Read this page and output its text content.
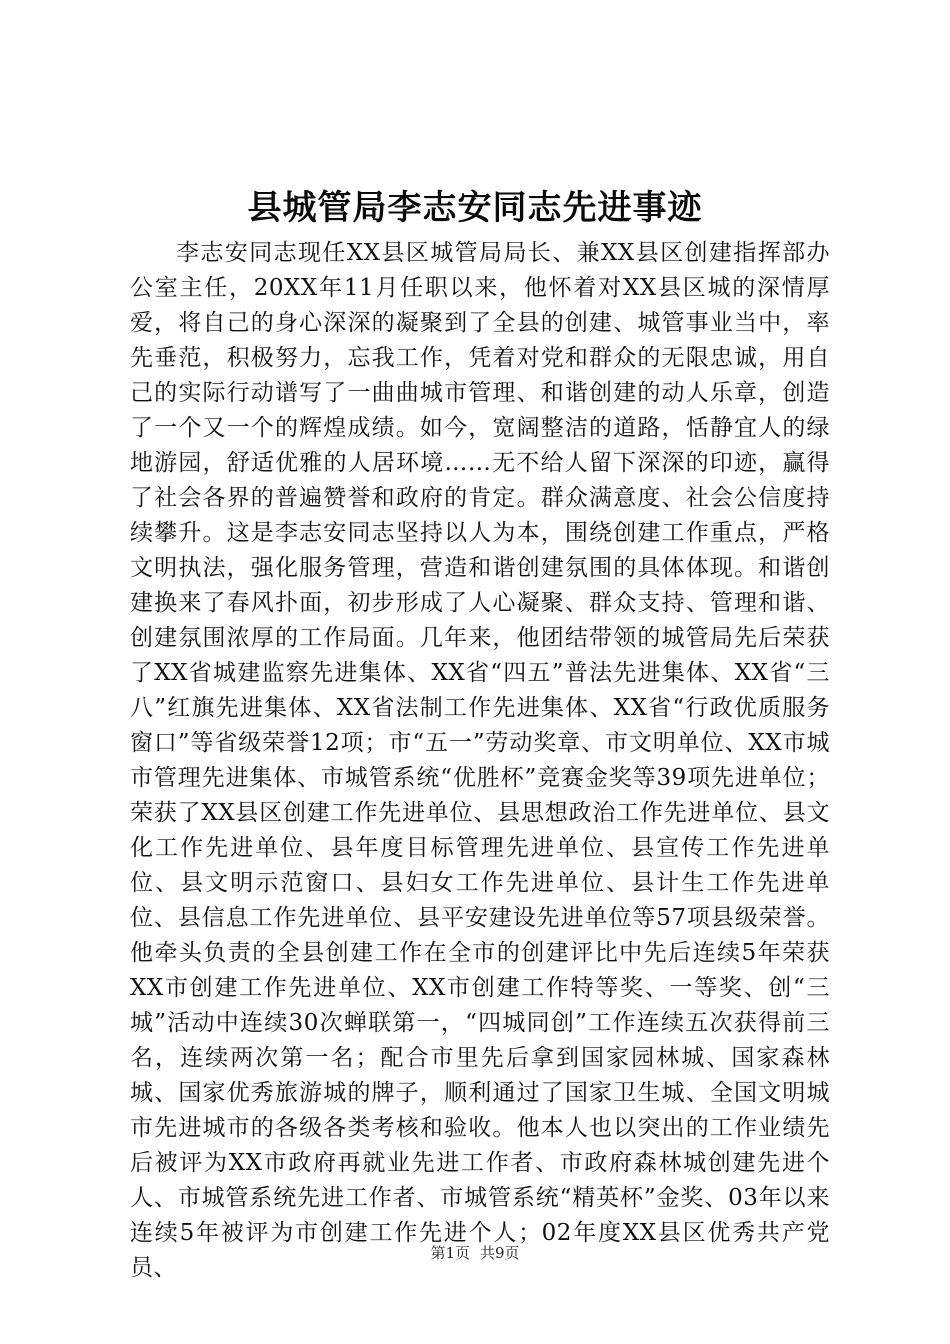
县城管局李志安同志先进事迹

李志安同志现任XX县区城管局局长、兼XX县区创建指挥部办公室主任，20XX年11月任职以来，他怀着对XX县区城的深情厚爱，将自己的身心深深的凝聚到了全县的创建、城管事业当中，率先垂范，积极努力，忘我工作，凭着对党和群众的无限忠诚，用自己的实际行动谱写了一曲曲城市管理、和谐创建的动人乐章，创造了一个又一个的辉煌成绩。如今，宽阔整洁的道路，恬静宜人的绿地游园，舒适优雅的人居环境……无不给人留下深深的印迹，赢得了社会各界的普遍赞誉和政府的肯定。群众满意度、社会公信度持续攀升。这是李志安同志坚持以人为本，围绕创建工作重点，严格文明执法，强化服务管理，营造和谐创建氛围的具体体现。和谐创建换来了春风扑面，初步形成了人心凝聚、群众支持、管理和谐、创建氛围浓厚的工作局面。几年来，他团结带领的城管局先后荣获了XX省城建监察先进集体、XX省“四五”普法先进集体、XX省“三八”红旗先进集体、XX省法制工作先进集体、XX省“行政优质服务窗口”等省级荣誉12项；市“五一”劳动奖章、市文明单位、XX市城市管理先进集体、市城管系统“优胜杯”竞赛金奖等39项先进单位；荣获了XX县区创建工作先进单位、县思想政治工作先进单位、县文化工作先进单位、县年度目标管理先进单位、县宣传工作先进单位、县文明示范窗口、县妇女工作先进单位、县计生工作先进单位、县信息工作先进单位、县平安建设先进单位等57项县级荣誉。他牵头负责的全县创建工作在全市的创建评比中先后连续5年荣获XX市创建工作先进单位、XX市创建工作特等奖、一等奖、创“三城”活动中连续30次蝉联第一，“四城同创”工作连续五次获得前三名，连续两次第一名；配合市里先后拿到国家园林城、国家森林城、国家优秀旅游城的牌子，顺利通过了国家卫生城、全国文明城市先进城市的各级各类考核和验收。他本人也以突出的工作业绩先后被评为XX市政府再就业先进工作者、市政府森林城创建先进个人、市城管系统先进工作者、市城管系统“精英杯”金奖、03年以来连续5年被评为市创建工作先进个人；02年度XX县区优秀共产党员、

第1页 共9页
